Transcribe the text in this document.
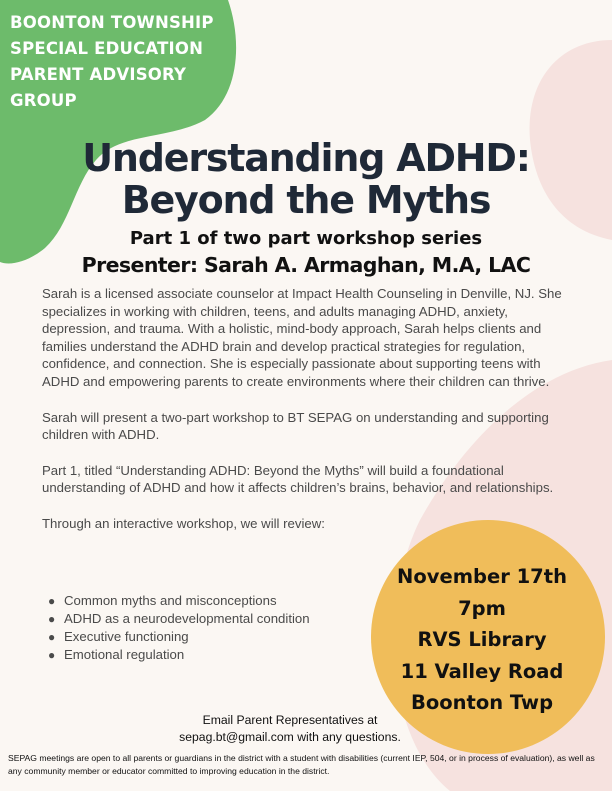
BOONTON TOWNSHIP
SPECIAL EDUCATION
PARENT ADVISORY
GROUP
Understanding ADHD:
Beyond the Myths
Part 1 of two part workshop series
Presenter: Sarah A. Armaghan, M.A, LAC

Sarah is a licensed associate counselor at Impact Health Counseling in Denville, NJ. She specializes in working with children, teens, and adults managing ADHD, anxiety, depression, and trauma. With a holistic, mind-body approach, Sarah helps clients and families understand the ADHD brain and develop practical strategies for regulation, confidence, and connection. She is especially passionate about supporting teens with ADHD and empowering parents to create environments where their children can thrive.

Sarah will present a two-part workshop to BT SEPAG on understanding and supporting children with ADHD.

Part 1, titled “Understanding ADHD: Beyond the Myths” will build a foundational understanding of ADHD and how it affects children’s brains, behavior, and relationships.

Through an interactive workshop, we will review:

● Common myths and misconceptions
● ADHD as a neurodevelopmental condition
● Executive functioning
● Emotional regulation
November 17th
7pm
RVS Library
11 Valley Road
Boonton Twp
Email Parent Representatives at
sepag.bt@gmail.com with any questions.
SEPAG meetings are open to all parents or guardians in the district with a student with disabilities (current IEP, 504, or in process of evaluation), as well as any community member or educator committed to improving education in the district.
